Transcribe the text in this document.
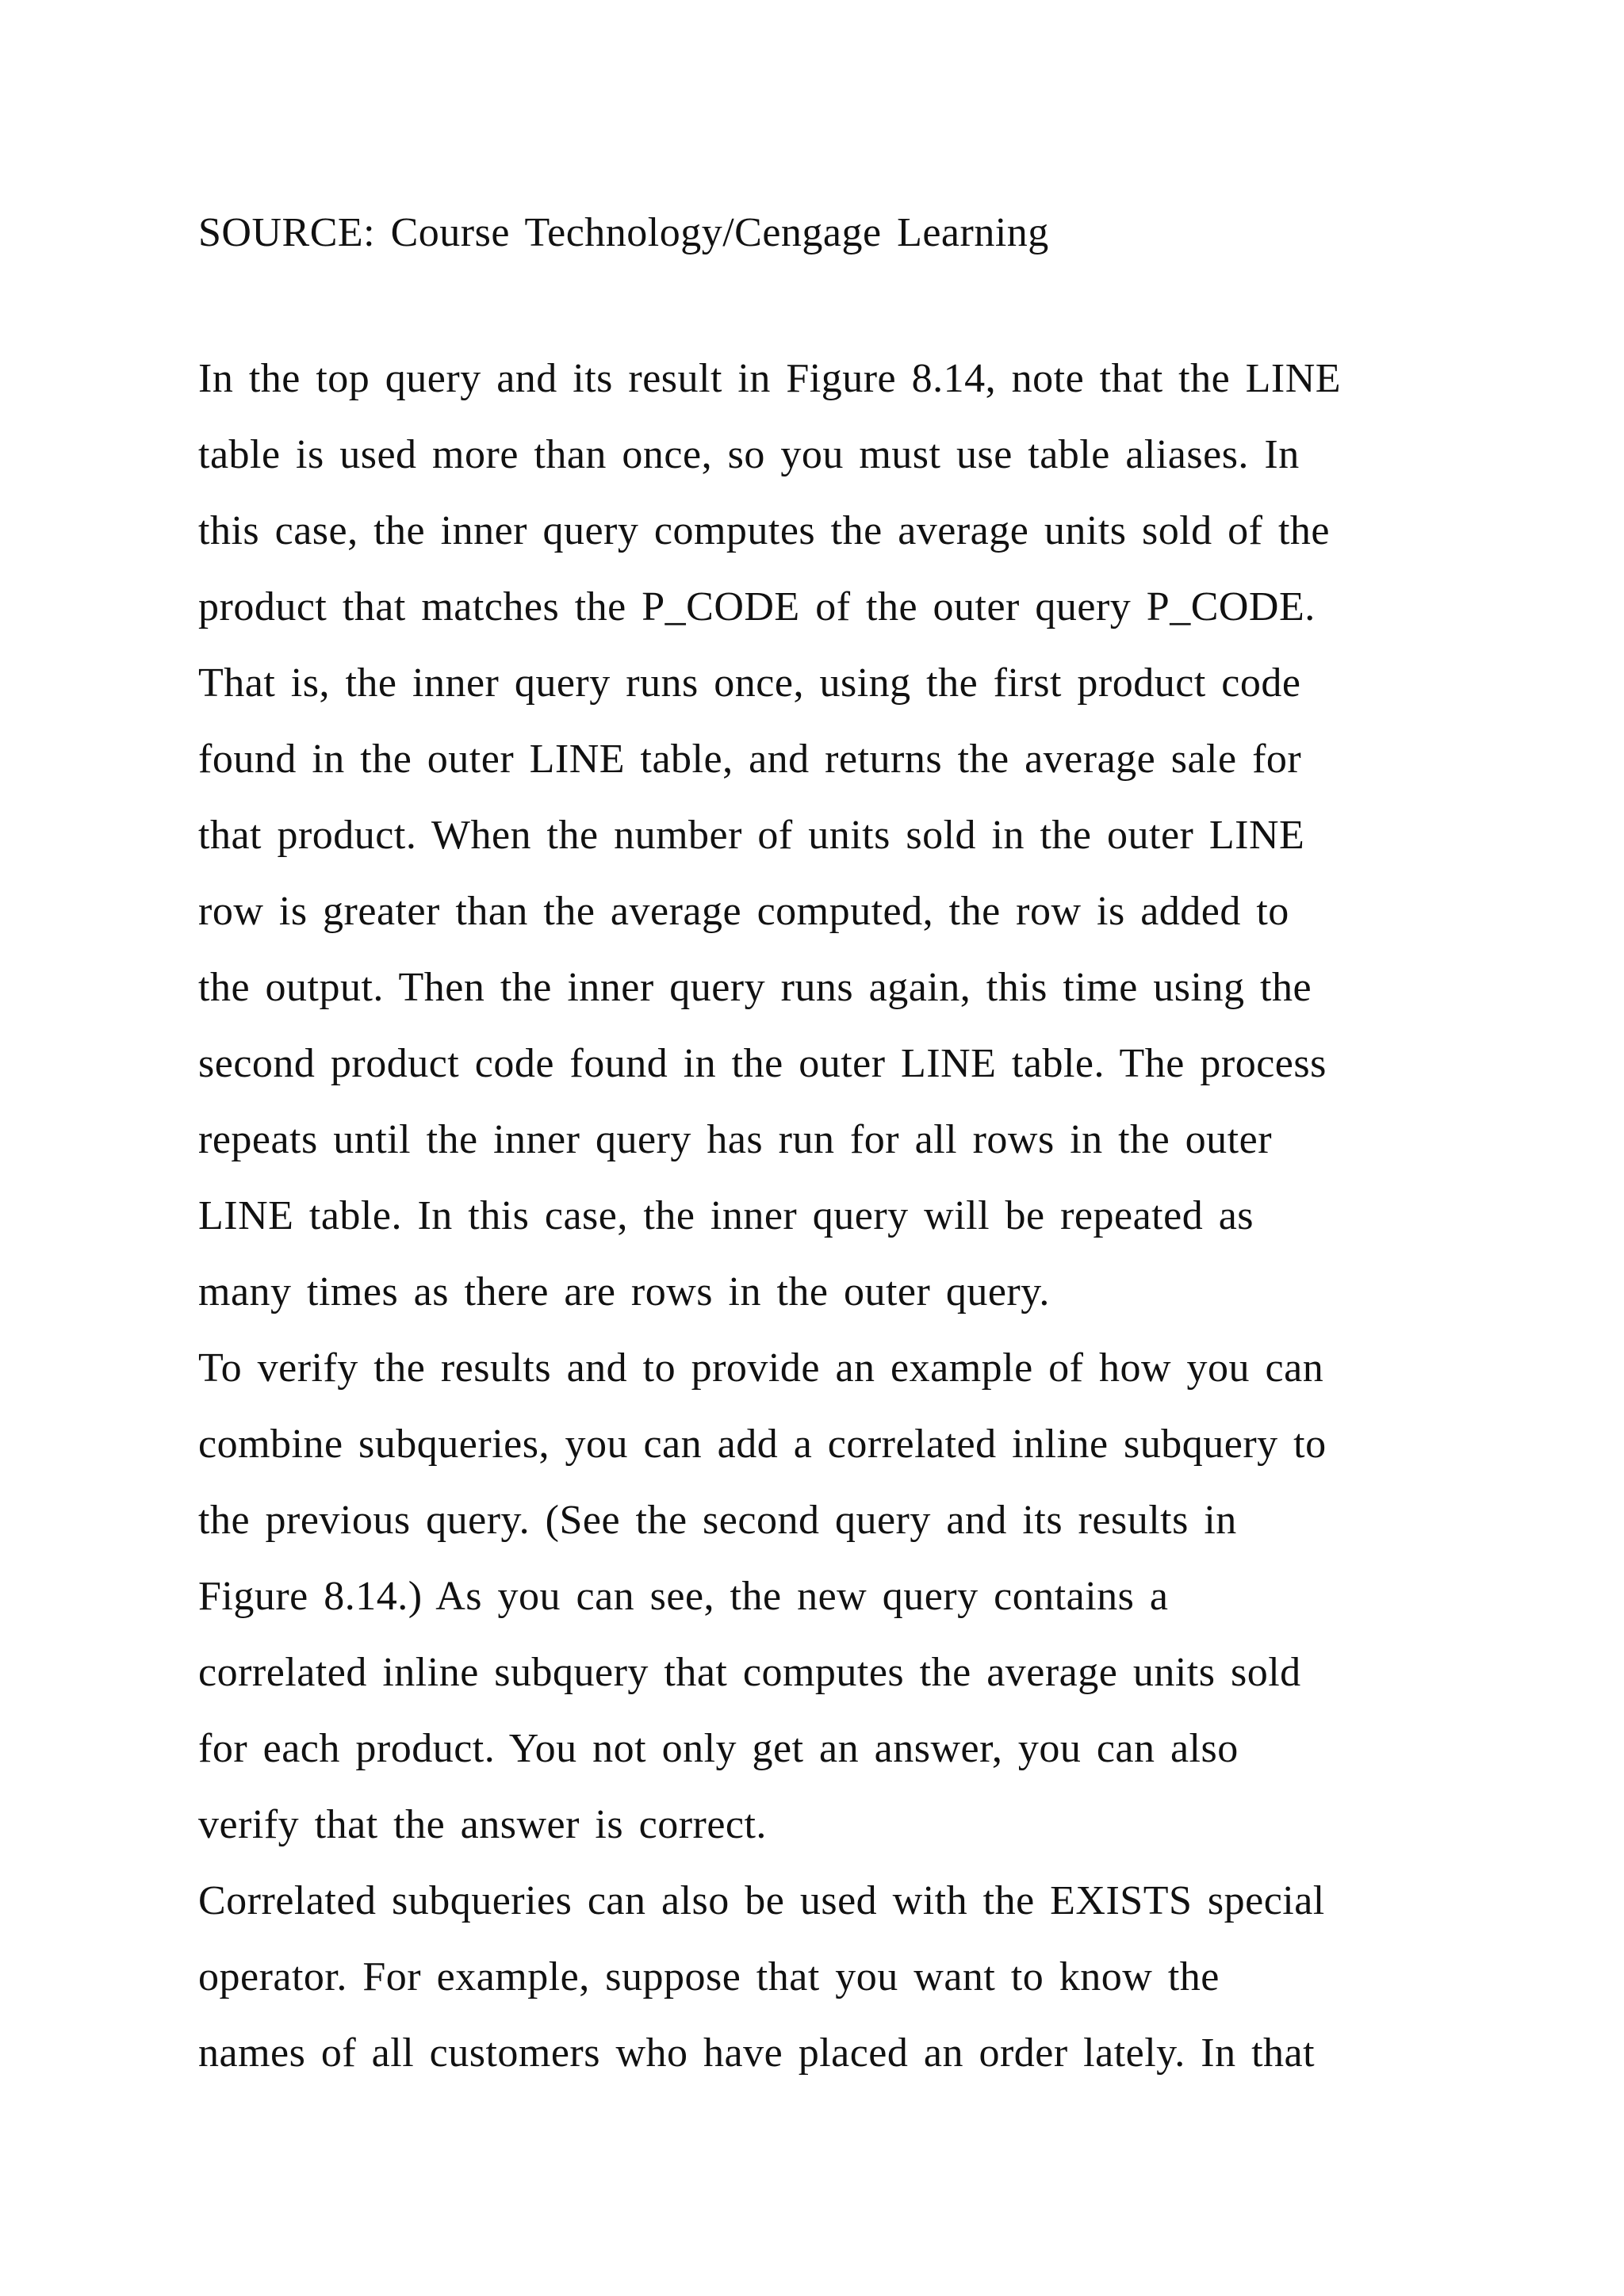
SOURCE: Course Technology/Cengage Learning
In the top query and its result in Figure 8.14, note that the LINE
table is used more than once, so you must use table aliases. In
this case, the inner query computes the average units sold of the
product that matches the P_CODE of the outer query P_CODE.
That is, the inner query runs once, using the first product code
found in the outer LINE table, and returns the average sale for
that product. When the number of units sold in the outer LINE
row is greater than the average computed, the row is added to
the output. Then the inner query runs again, this time using the
second product code found in the outer LINE table. The process
repeats until the inner query has run for all rows in the outer
LINE table. In this case, the inner query will be repeated as
many times as there are rows in the outer query.
To verify the results and to provide an example of how you can
combine subqueries, you can add a correlated inline subquery to
the previous query. (See the second query and its results in
Figure 8.14.) As you can see, the new query contains a
correlated inline subquery that computes the average units sold
for each product. You not only get an answer, you can also
verify that the answer is correct.
Correlated subqueries can also be used with the EXISTS special
operator. For example, suppose that you want to know the
names of all customers who have placed an order lately. In that
